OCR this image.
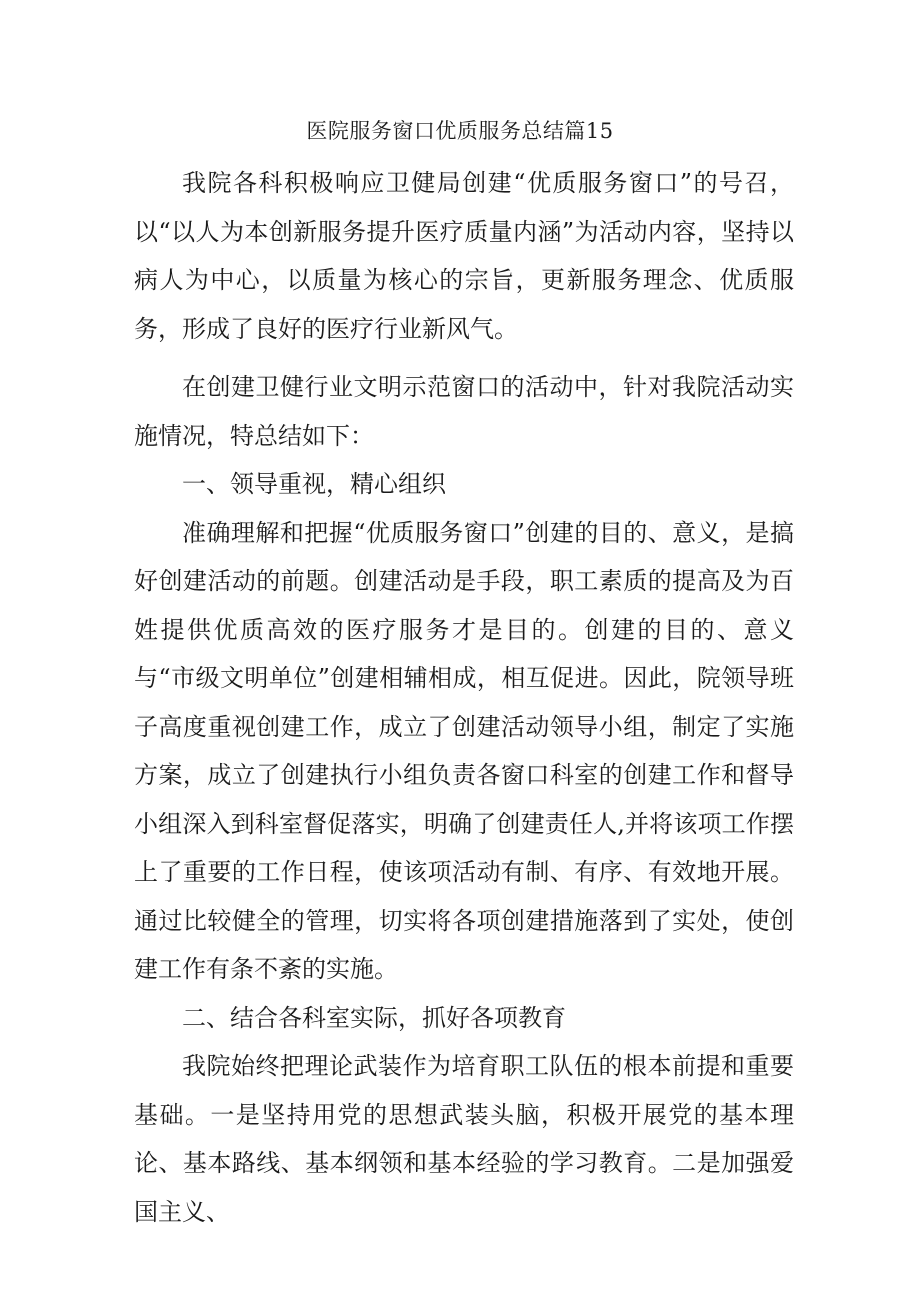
医院服务窗口优质服务总结篇15

我院各科积极响应卫健局创建“优质服务窗口”的号召，以“以人为本创新服务提升医疗质量内涵”为活动内容，坚持以病人为中心，以质量为核心的宗旨，更新服务理念、优质服务，形成了良好的医疗行业新风气。

在创建卫健行业文明示范窗口的活动中，针对我院活动实施情况，特总结如下：

一、领导重视，精心组织

准确理解和把握“优质服务窗口”创建的目的、意义，是搞好创建活动的前题。创建活动是手段，职工素质的提高及为百姓提供优质高效的医疗服务才是目的。创建的目的、意义与“市级文明单位”创建相辅相成，相互促进。因此，院领导班子高度重视创建工作，成立了创建活动领导小组，制定了实施方案，成立了创建执行小组负责各窗口科室的创建工作和督导小组深入到科室督促落实，明确了创建责任人,并将该项工作摆上了重要的工作日程，使该项活动有制、有序、有效地开展。通过比较健全的管理，切实将各项创建措施落到了实处，使创建工作有条不紊的实施。

二、结合各科室实际，抓好各项教育

我院始终把理论武装作为培育职工队伍的根本前提和重要基础。一是坚持用党的思想武装头脑，积极开展党的基本理论、基本路线、基本纲领和基本经验的学习教育。二是加强爱国主义、
